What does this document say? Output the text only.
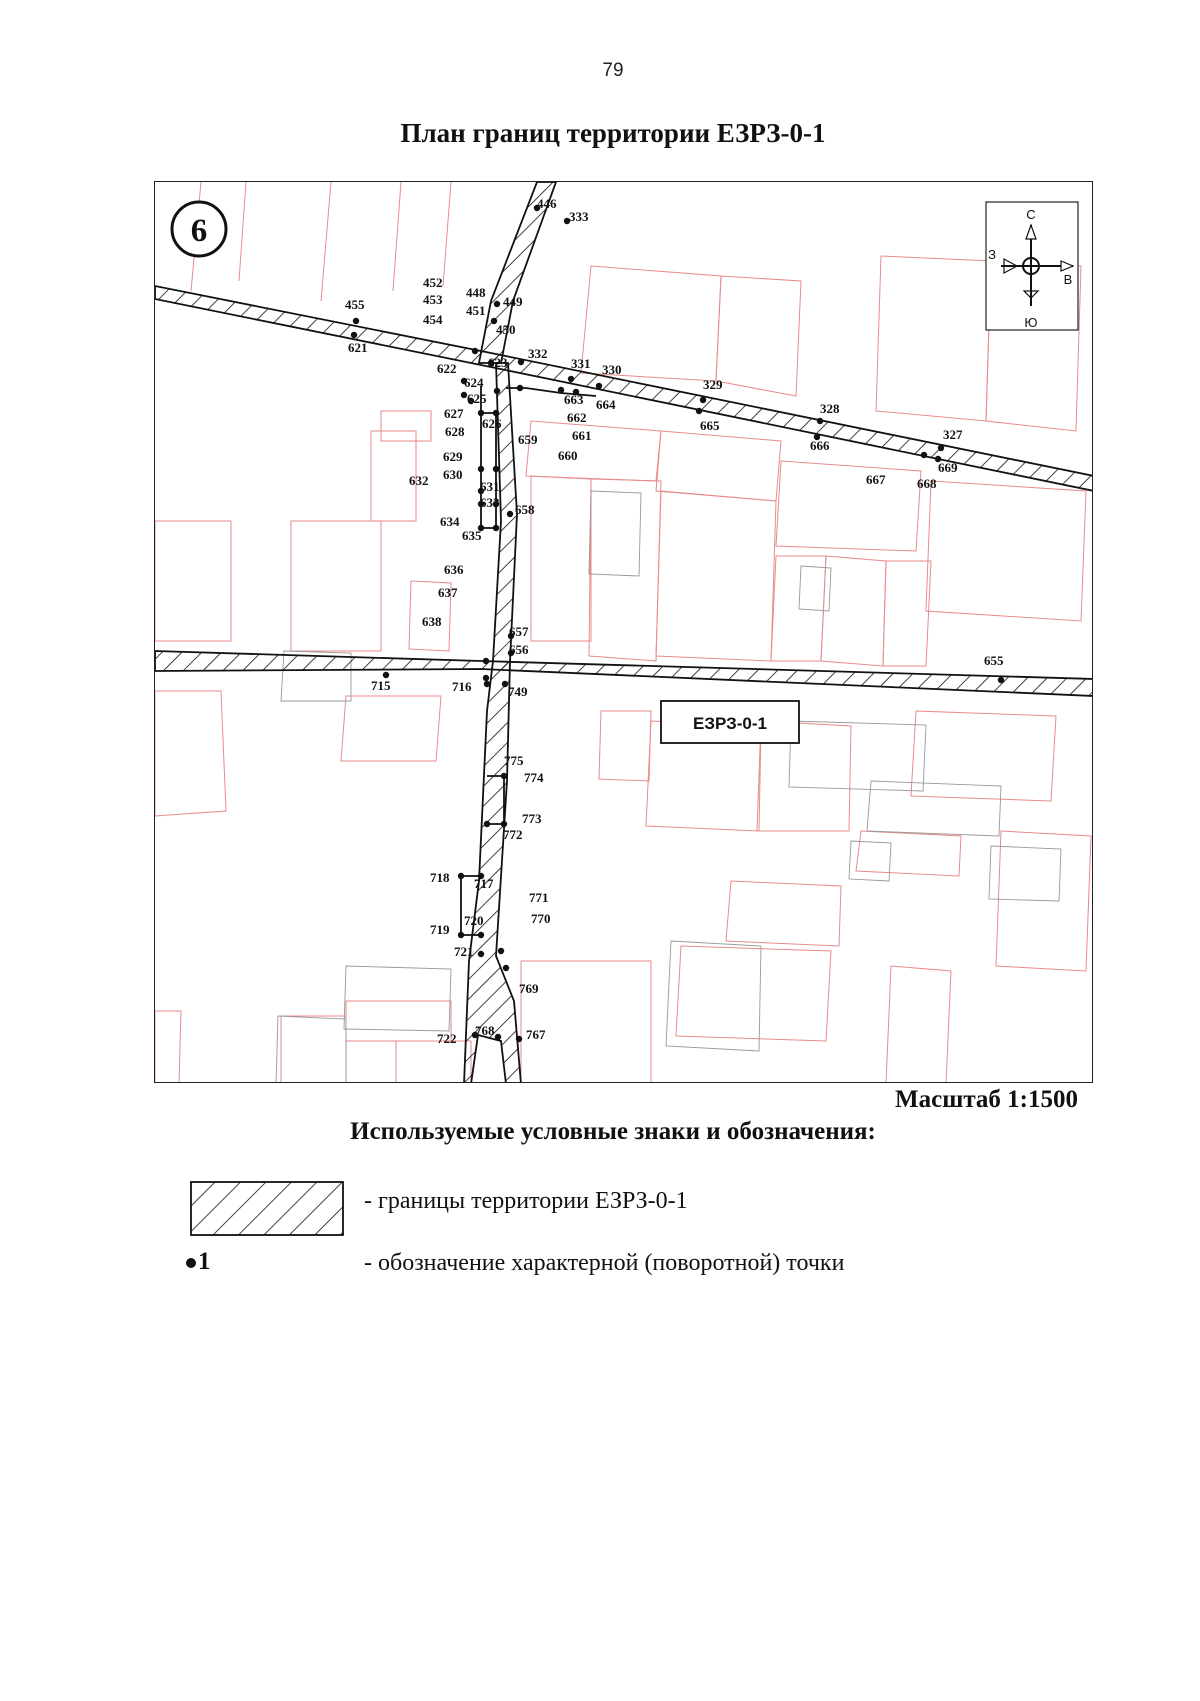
79
План границ территории ЕЗРЗ-0-1
446
333
452
453
454
448
449
451
450
455
621
622 623
332
331 330
624
625	663 664
662
661
627
626
628
659
660
629
630
632	631
633 658
634
635
329
665
328
666
327
669
667 668
636
637
638
657
656
655
715	716	749
775
774
773
772
718 717
771
770
720
719
721
769
768 767
722
6	С
Ю
В
З
ЕЗРЗ-0-1
Масштаб 1:1500
Используемые условные знаки и обозначения:
- границы территории ЕЗРЗ-0-1
1	- обозначение характерной (поворотной) точки
